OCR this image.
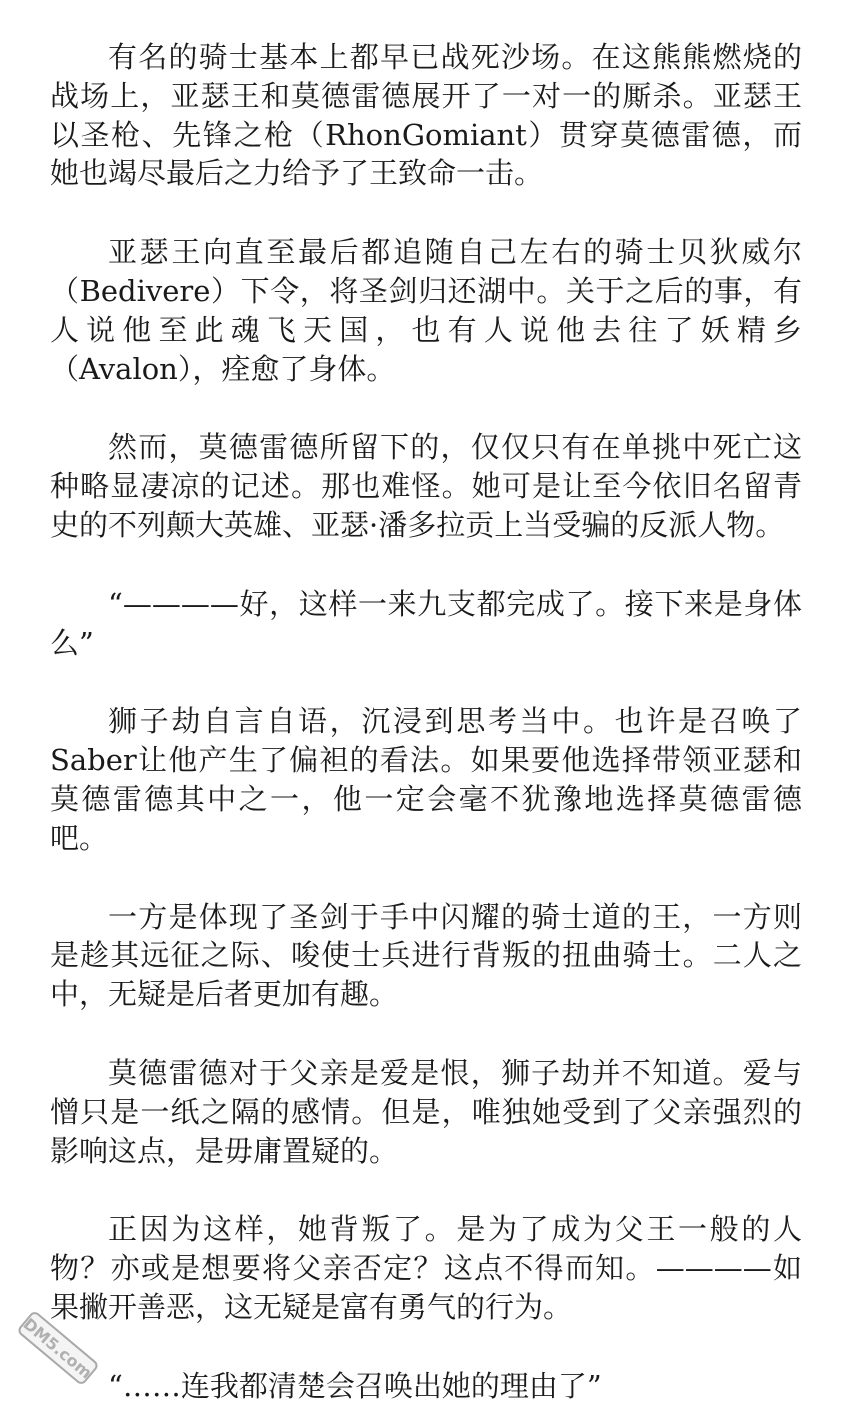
有名的骑士基本上都早已战死沙场。在这熊熊燃烧的战场上，亚瑟王和莫德雷德展开了一对一的厮杀。亚瑟王以圣枪、先锋之枪（RhonGomiant）贯穿莫德雷德，而她也竭尽最后之力给予了王致命一击。

亚瑟王向直至最后都追随自己左右的骑士贝狄威尔（Bedivere）下令，将圣剑归还湖中。关于之后的事，有人说他至此魂飞天国，也有人说他去往了妖精乡（Avalon），痊愈了身体。

然而，莫德雷德所留下的，仅仅只有在单挑中死亡这种略显凄凉的记述。那也难怪。她可是让至今依旧名留青史的不列颠大英雄、亚瑟·潘多拉贡上当受骗的反派人物。

“————好，这样一来九支都完成了。接下来是身体么”

狮子劫自言自语，沉浸到思考当中。也许是召唤了Saber让他产生了偏袒的看法。如果要他选择带领亚瑟和莫德雷德其中之一，他一定会毫不犹豫地选择莫德雷德吧。

一方是体现了圣剑于手中闪耀的骑士道的王，一方则是趁其远征之际、唆使士兵进行背叛的扭曲骑士。二人之中，无疑是后者更加有趣。

莫德雷德对于父亲是爱是恨，狮子劫并不知道。爱与憎只是一纸之隔的感情。但是，唯独她受到了父亲强烈的影响这点，是毋庸置疑的。

正因为这样，她背叛了。是为了成为父王一般的人物？亦或是想要将父亲否定？这点不得而知。————如果撇开善恶，这无疑是富有勇气的行为。

“……连我都清楚会召唤出她的理由了”

DM5.com
